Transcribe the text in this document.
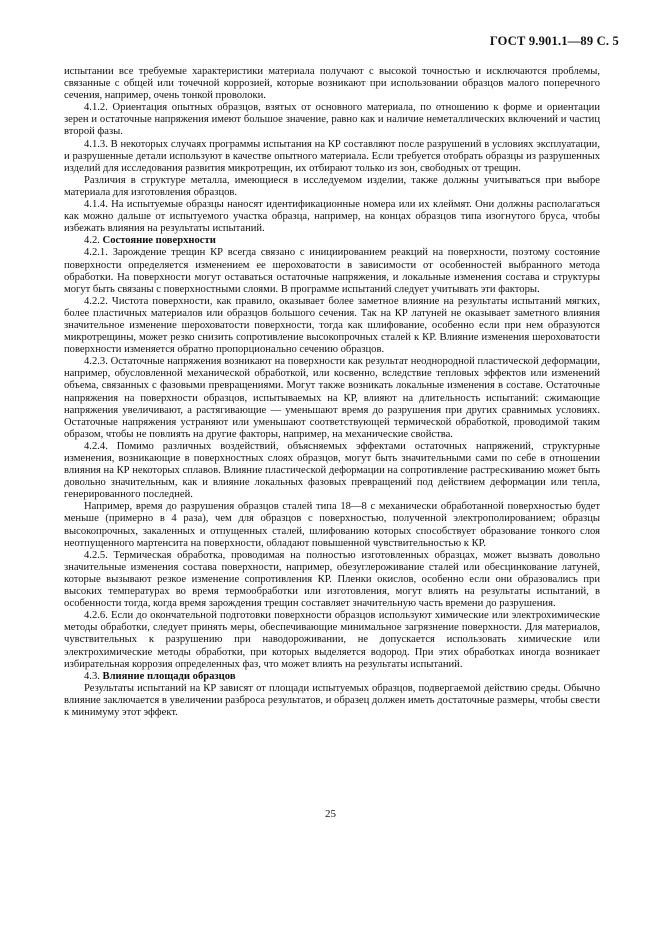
ГОСТ 9.901.1—89 С. 5

испытании все требуемые характеристики материала получают с высокой точностью и исключаются проблемы, связанные с общей или точечной коррозией, которые возникают при использовании образцов малого поперечного сечения, например, очень тонкой проволоки.

4.1.2. Ориентация опытных образцов, взятых от основного материала, по отношению к форме и ориентации зерен и остаточные напряжения имеют большое значение, равно как и наличие неметаллических включений и частиц второй фазы.

4.1.3. В некоторых случаях программы испытания на КР составляют после разрушений в условиях эксплуатации, и разрушенные детали используют в качестве опытного материала. Если требуется отобрать образцы из разрушенных изделий для исследования развития микротрещин, их отбирают только из зон, свободных от трещин.

Различия в структуре металла, имеющиеся в исследуемом изделии, также должны учитываться при выборе материала для изготовления образцов.

4.1.4. На испытуемые образцы наносят идентификационные номера или их клеймят. Они должны располагаться как можно дальше от испытуемого участка образца, например, на концах образцов типа изогнутого бруса, чтобы избежать влияния на результаты испытаний.

4.2. Состояние поверхности

4.2.1. Зарождение трещин КР всегда связано с инициированием реакций на поверхности, поэтому состояние поверхности определяется изменением ее шероховатости в зависимости от особенностей выбранного метода обработки. На поверхности могут оставаться остаточные напряжения, и локальные изменения состава и структуры могут быть связаны с поверхностными слоями. В программе испытаний следует учитывать эти факторы.

4.2.2. Чистота поверхности, как правило, оказывает более заметное влияние на результаты испытаний мягких, более пластичных материалов или образцов большого сечения. Так на КР латуней не оказывает заметного влияния значительное изменение шероховатости поверхности, тогда как шлифование, особенно если при нем образуются микротрещины, может резко снизить сопротивление высокопрочных сталей к КР. Влияние изменения шероховатости поверхности изменяется обратно пропорционально сечению образцов.

4.2.3. Остаточные напряжения возникают на поверхности как результат неоднородной пластической деформации, например, обусловленной механической обработкой, или косвенно, вследствие тепловых эффектов или изменений объема, связанных с фазовыми превращениями. Могут также возникать локальные изменения в составе. Остаточные напряжения на поверхности образцов, испытываемых на КР, влияют на длительность испытаний: сжимающие напряжения увеличивают, а растягивающие — уменьшают время до разрушения при других сравнимых условиях. Остаточные напряжения устраняют или уменьшают соответствующей термической обработкой, проводимой таким образом, чтобы не повлиять на другие факторы, например, на механические свойства.

4.2.4. Помимо различных воздействий, объясняемых эффектами остаточных напряжений, структурные изменения, возникающие в поверхностных слоях образцов, могут быть значительными сами по себе в отношении влияния на КР некоторых сплавов. Влияние пластической деформации на сопротивление растрескиванию может быть довольно значительным, как и влияние локальных фазовых превращений под действием деформации или тепла, генерированного последней.

Например, время до разрушения образцов сталей типа 18—8 с механически обработанной поверхностью будет меньше (примерно в 4 раза), чем для образцов с поверхностью, полученной электрополированием; образцы высокопрочных, закаленных и отпущенных сталей, шлифованию которых способствует образование тонкого слоя неотпущенного мартенсита на поверхности, обладают повышенной чувствительностью к КР.

4.2.5. Термическая обработка, проводимая на полностью изготовленных образцах, может вызвать довольно значительные изменения состава поверхности, например, обезуглероживание сталей или обесцинкование латуней, которые вызывают резкое изменение сопротивления КР. Пленки окислов, особенно если они образовались при высоких температурах во время термообработки или изготовления, могут влиять на результаты испытаний, в особенности тогда, когда время зарождения трещин составляет значительную часть времени до разрушения.

4.2.6. Если до окончательной подготовки поверхности образцов используют химические или электрохимические методы обработки, следует принять меры, обеспечивающие минимальное загрязнение поверхности. Для материалов, чувствительных к разрушению при наводороживании, не допускается использовать химические или электрохимические методы обработки, при которых выделяется водород. При этих обработках иногда возникает избирательная коррозия определенных фаз, что может влиять на результаты испытаний.

4.3. Влияние площади образцов

Результаты испытаний на КР зависят от площади испытуемых образцов, подвергаемой действию среды. Обычно влияние заключается в увеличении разброса результатов, и образец должен иметь достаточные размеры, чтобы свести к минимуму этот эффект.

25
